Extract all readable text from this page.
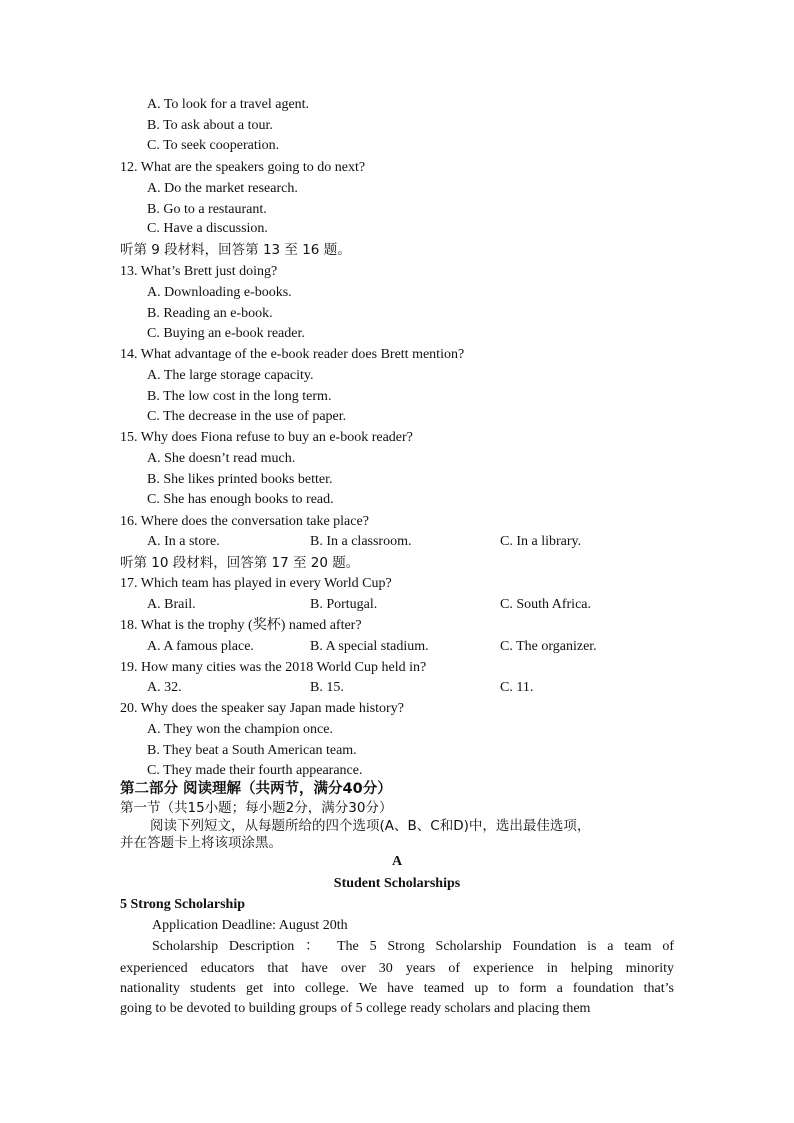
A. To look for a travel agent.
B. To ask about a tour.
C. To seek cooperation.
12. What are the speakers going to do next?
A. Do the market research.
B. Go to a restaurant.
C. Have a discussion.
听第 9 段材料，回答第 13 至 16 题。
13. What’s Brett just doing?
A. Downloading e-books.
B. Reading an e-book.
C. Buying an e-book reader.
14. What advantage of the e-book reader does Brett mention?
A. The large storage capacity.
B. The low cost in the long term.
C. The decrease in the use of paper.
15. Why does Fiona refuse to buy an e-book reader?
A. She doesn’t read much.
B. She likes printed books better.
C. She has enough books to read.
16. Where does the conversation take place?
A. In a store.	B. In a classroom.	C. In a library.
听第 10 段材料，回答第 17 至 20 题。
17. Which team has played in every World Cup?
A. Brail.	B. Portugal.	C. South Africa.
18. What is the trophy (奖杯) named after?
A. A famous place.	B. A special stadium.	C. The organizer.
19. How many cities was the 2018 World Cup held in?
A. 32.	B. 15.	C. 11.
20. Why does the speaker say Japan made history?
A. They won the champion once.
B. They beat a South American team.
C. They made their fourth appearance.
第二部分 阅读理解（共两节，满分40分）
第一节（共15小题；每小题2分，满分30分）
阅读下列短文，从每题所给的四个选项(A、B、C和D)中，选出最佳选项，
并在答题卡上将该项涂黑。
A
Student Scholarships
5 Strong Scholarship
Application Deadline: August 20th
Scholarship Description ： The 5 Strong Scholarship Foundation is a team of
experienced educators that have over 30 years of experience in helping minority
nationality students get into college. We have teamed up to form a foundation that’s
going to be devoted to building groups of 5 college ready scholars and placing them
